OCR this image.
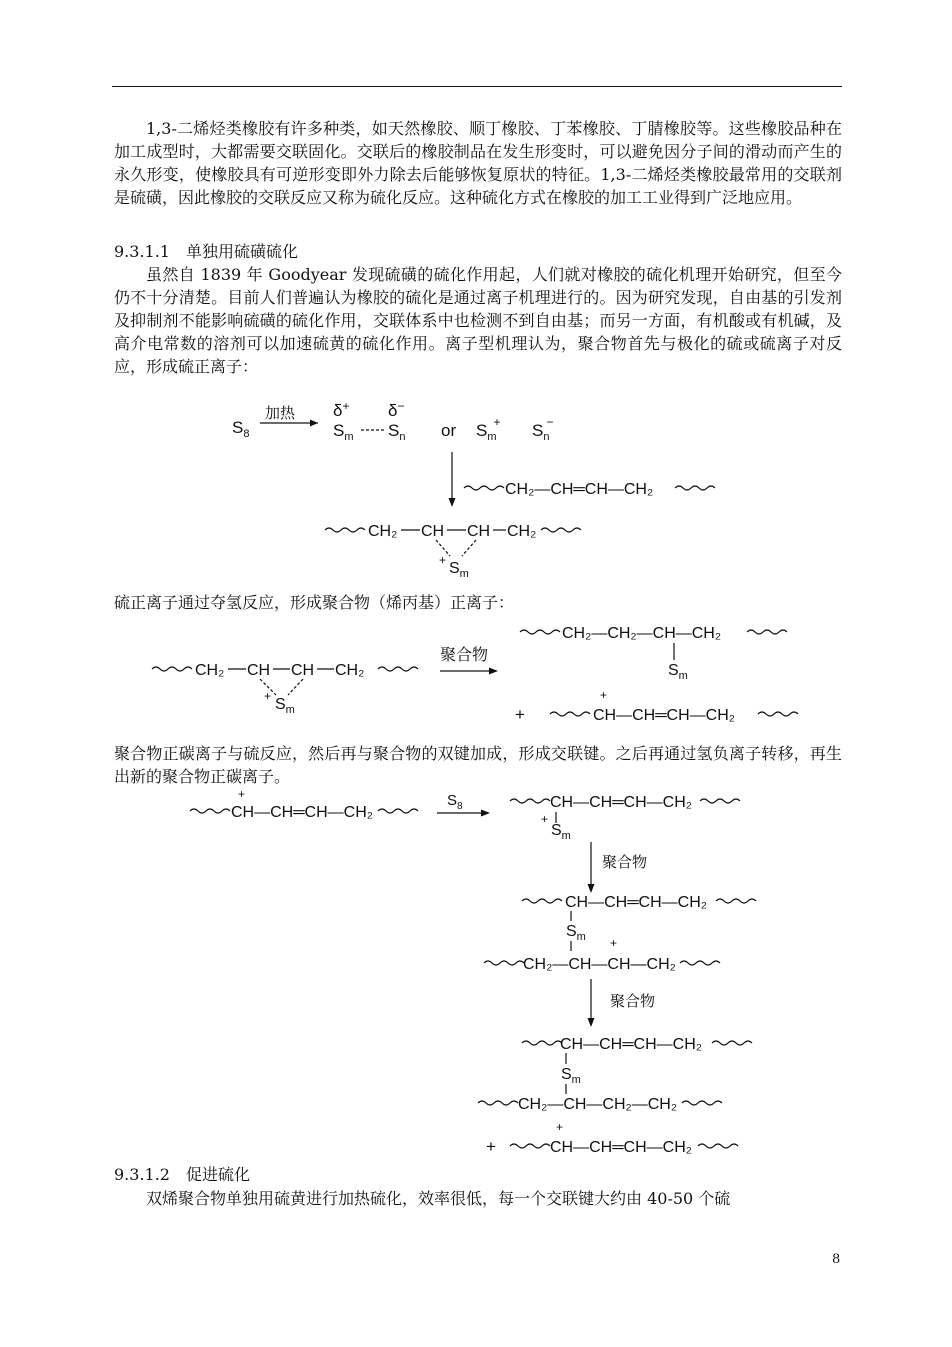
1,3-二烯烃类橡胶有许多种类，如天然橡胶、顺丁橡胶、丁苯橡胶、丁腈橡胶等。这些橡胶品种在加工成型时，大都需要交联固化。交联后的橡胶制品在发生形变时，可以避免因分子间的滑动而产生的永久形变，使橡胶具有可逆形变即外力除去后能够恢复原状的特征。1,3-二烯烃类橡胶最常用的交联剂是硫磺，因此橡胶的交联反应又称为硫化反应。这种硫化方式在橡胶的加工工业得到广泛地应用。

9.3.1.1　单独用硫磺硫化

虽然自 1839 年 Goodyear 发现硫磺的硫化作用起，人们就对橡胶的硫化机理开始研究，但至今仍不十分清楚。目前人们普遍认为橡胶的硫化是通过离子机理进行的。因为研究发现，自由基的引发剂及抑制剂不能影响硫磺的硫化作用，交联体系中也检测不到自由基；而另一方面，有机酸或有机碱，及高介电常数的溶剂可以加速硫黄的硫化作用。离子型机理认为，聚合物首先与极化的硫或硫离子对反应，形成硫正离子：

$S_8$
加热 δ+ δ−
$S_m$ $S_n$ or $S_m+ S_n-$
CH₂—CH═CH—CH₂
CH₂ CH CH CH₂
+ $S_m$

硫正离子通过夺氢反应，形成聚合物（烯丙基）正离子：

CH₂ CH CH CH₂
+ $S_m$
聚合物
CH₂—CH₂—CH—CH₂
$S_m$
+
+
CH—CH═CH—CH₂

聚合物正碳离子与硫反应，然后再与聚合物的双键加成，形成交联键。之后再通过氢负离子转移，再生出新的聚合物正碳离子。

+
CH—CH═CH—CH₂
$S_8$	CH—CH═CH—CH₂
+
$S_m$
聚合物
CH—CH═CH—CH₂
$S_m$
CH₂—CH—CH—CH₂
+
聚合物
CH—CH═CH—CH₂
$S_m$
CH₂—CH—CH₂—CH₂
+
+
CH—CH═CH—CH₂
9.3.1.2　促进硫化

双烯聚合物单独用硫黄进行加热硫化，效率很低，每一个交联键大约由 40-50 个硫

8
